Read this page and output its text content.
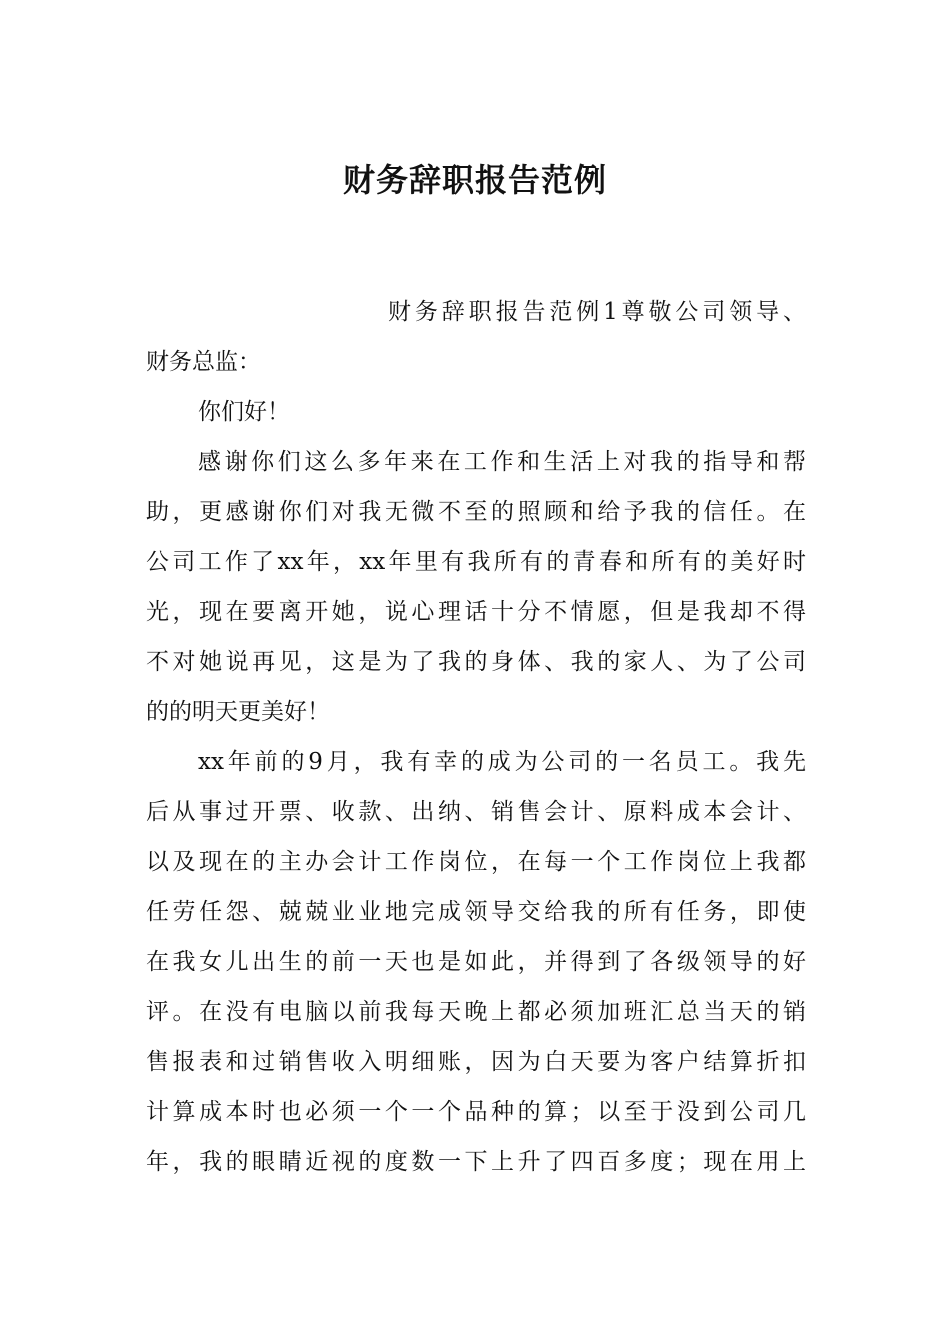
财务辞职报告范例

财务辞职报告范例1尊敬公司领导、

财务总监：

你们好！

感谢你们这么多年来在工作和生活上对我的指导和帮

助，更感谢你们对我无微不至的照顾和给予我的信任。在

公司工作了xx年，xx年里有我所有的青春和所有的美好时

光，现在要离开她，说心理话十分不情愿，但是我却不得

不对她说再见，这是为了我的身体、我的家人、为了公司

的的明天更美好！

xx年前的9月，我有幸的成为公司的一名员工。我先

后从事过开票、收款、出纳、销售会计、原料成本会计、

以及现在的主办会计工作岗位，在每一个工作岗位上我都

任劳任怨、兢兢业业地完成领导交给我的所有任务，即使

在我女儿出生的前一天也是如此，并得到了各级领导的好

评。在没有电脑以前我每天晚上都必须加班汇总当天的销

售报表和过销售收入明细账，因为白天要为客户结算折扣

计算成本时也必须一个一个品种的算；以至于没到公司几

年，我的眼睛近视的度数一下上升了四百多度；现在用上
